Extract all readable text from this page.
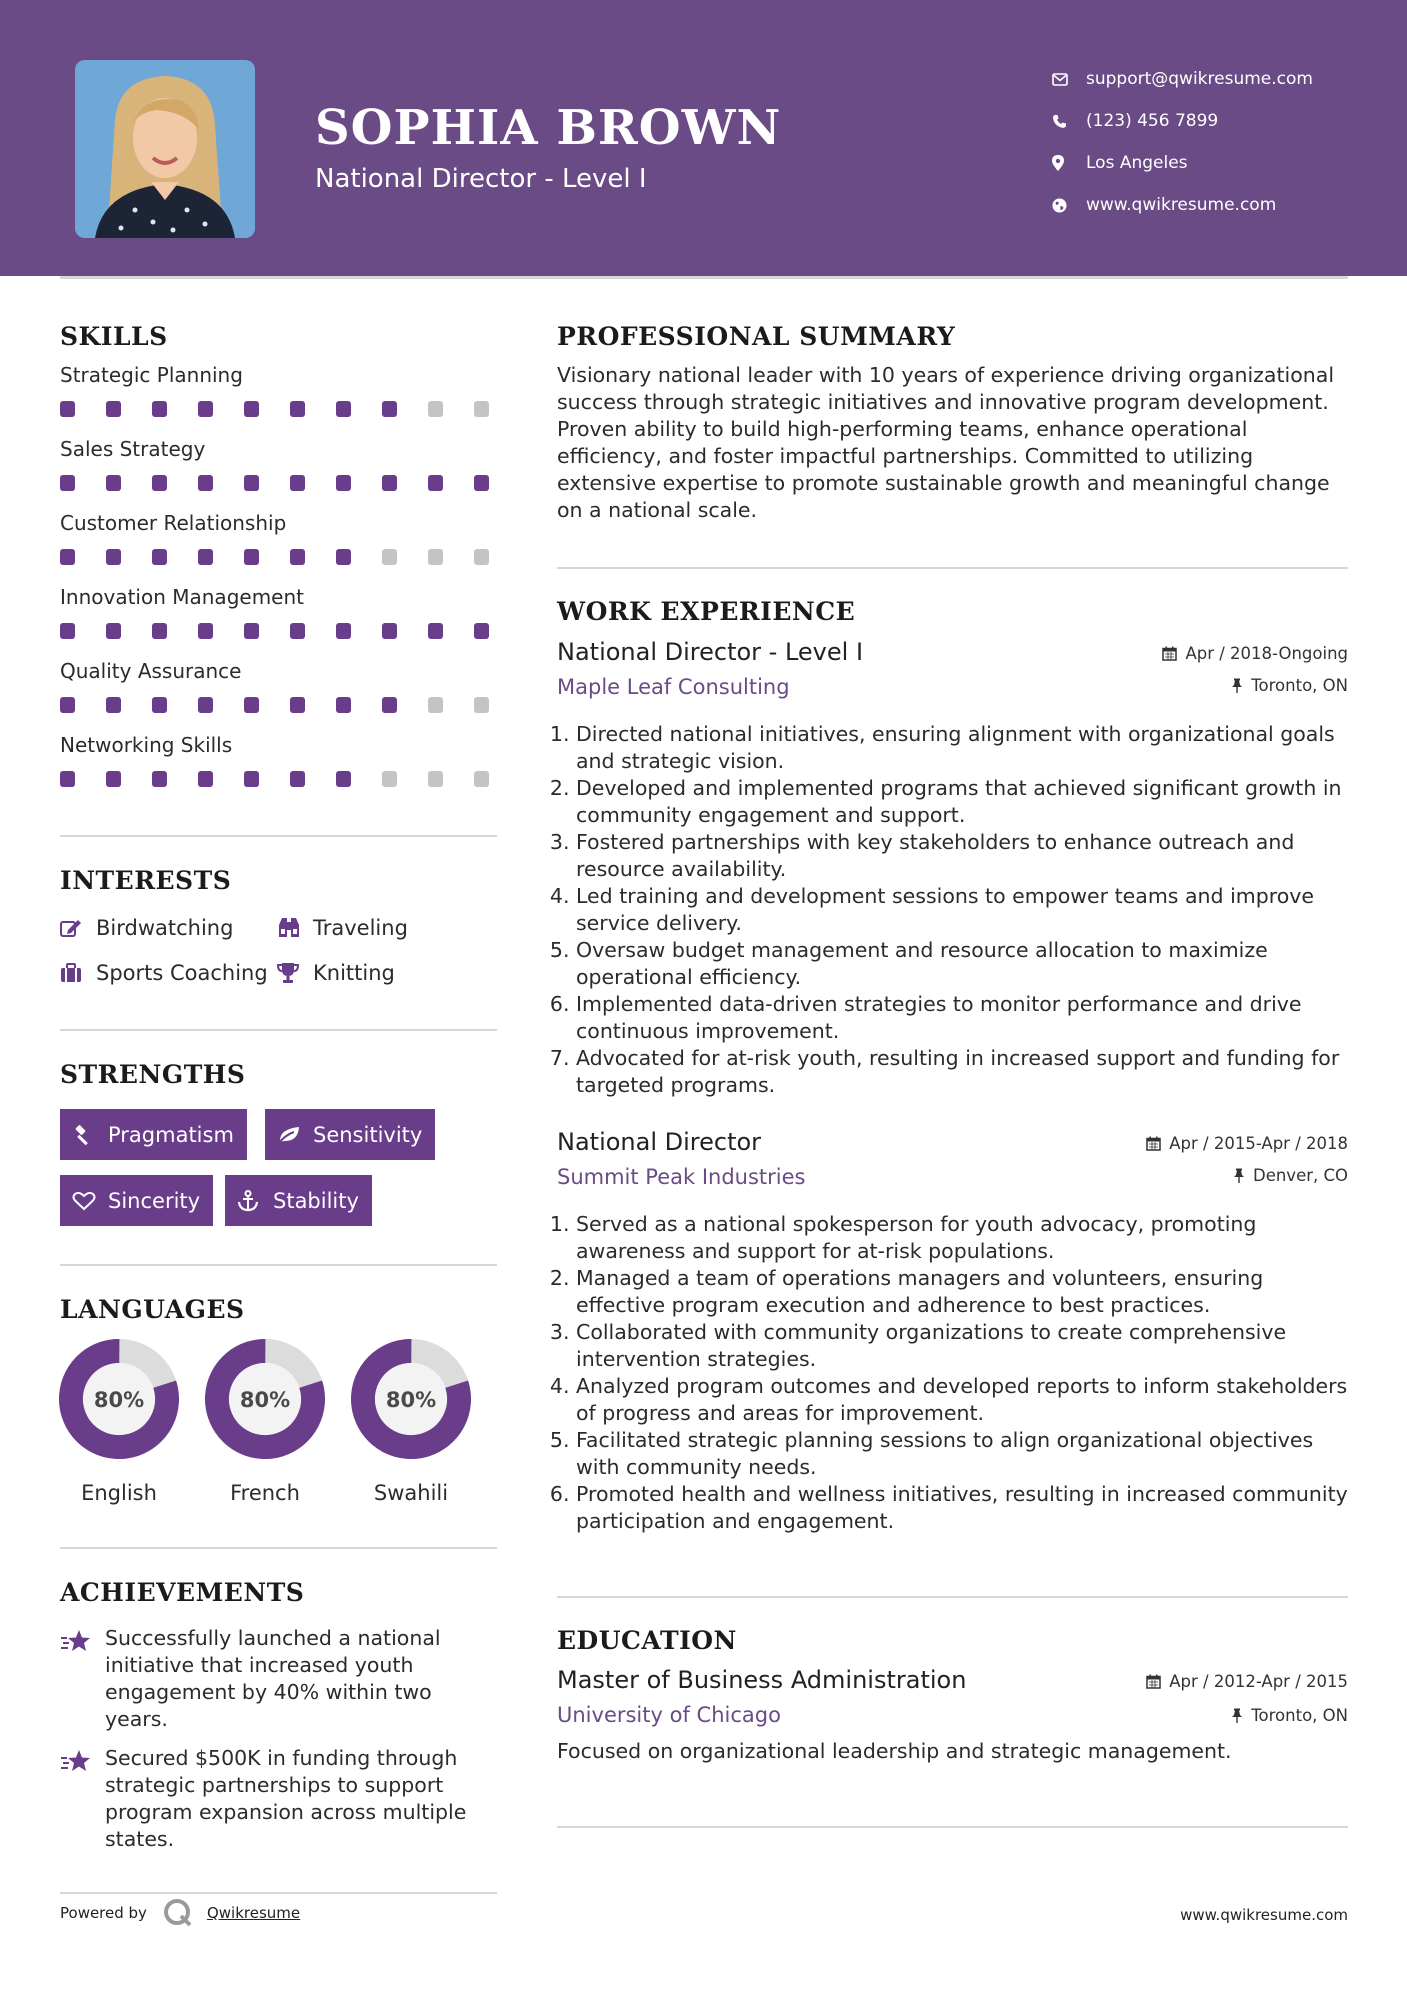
SOPHIA BROWN
National Director - Level I
support@qwikresume.com
(123) 456 7899
Los Angeles
www.qwikresume.com
SKILLS
Strategic Planning
Sales Strategy
Customer Relationship
Innovation Management
Quality Assurance
Networking Skills
INTERESTS
Birdwatching	Traveling
Sports Coaching Knitting
STRENGTHS
Pragmatism	Sensitivity
Sincerity	Stability
LANGUAGES
80%
English
80%
French
80%
Swahili
ACHIEVEMENTS
Successfully launched a national initiative that increased youth engagement by 40% within two years.
Secured $500K in funding through strategic partnerships to support program expansion across multiple states.
PROFESSIONAL SUMMARY
Visionary national leader with 10 years of experience driving organizational success through strategic initiatives and innovative program development. Proven ability to build high-performing teams, enhance operational efficiency, and foster impactful partnerships. Committed to utilizing extensive expertise to promote sustainable growth and meaningful change on a national scale.
WORK EXPERIENCE
National Director - Level I
Maple Leaf Consulting
Apr / 2018-Ongoing
Toronto, ON
1. Directed national initiatives, ensuring alignment with organizational goals and strategic vision.
2. Developed and implemented programs that achieved significant growth in community engagement and support.
3. Fostered partnerships with key stakeholders to enhance outreach and resource availability.
4. Led training and development sessions to empower teams and improve service delivery.
5. Oversaw budget management and resource allocation to maximize operational efficiency.
6. Implemented data-driven strategies to monitor performance and drive continuous improvement.
7. Advocated for at-risk youth, resulting in increased support and funding for targeted programs.
National Director
Summit Peak Industries
Apr / 2015-Apr / 2018
Denver, CO
1. Served as a national spokesperson for youth advocacy, promoting awareness and support for at-risk populations.
2. Managed a team of operations managers and volunteers, ensuring effective program execution and adherence to best practices.
3. Collaborated with community organizations to create comprehensive intervention strategies.
4. Analyzed program outcomes and developed reports to inform stakeholders of progress and areas for improvement.
5. Facilitated strategic planning sessions to align organizational objectives with community needs.
6. Promoted health and wellness initiatives, resulting in increased community participation and engagement.
EDUCATION
Master of Business Administration
University of Chicago
Apr / 2012-Apr / 2015
Toronto, ON
Focused on organizational leadership and strategic management.
Powered by	Qwikresume	www.qwikresume.com
